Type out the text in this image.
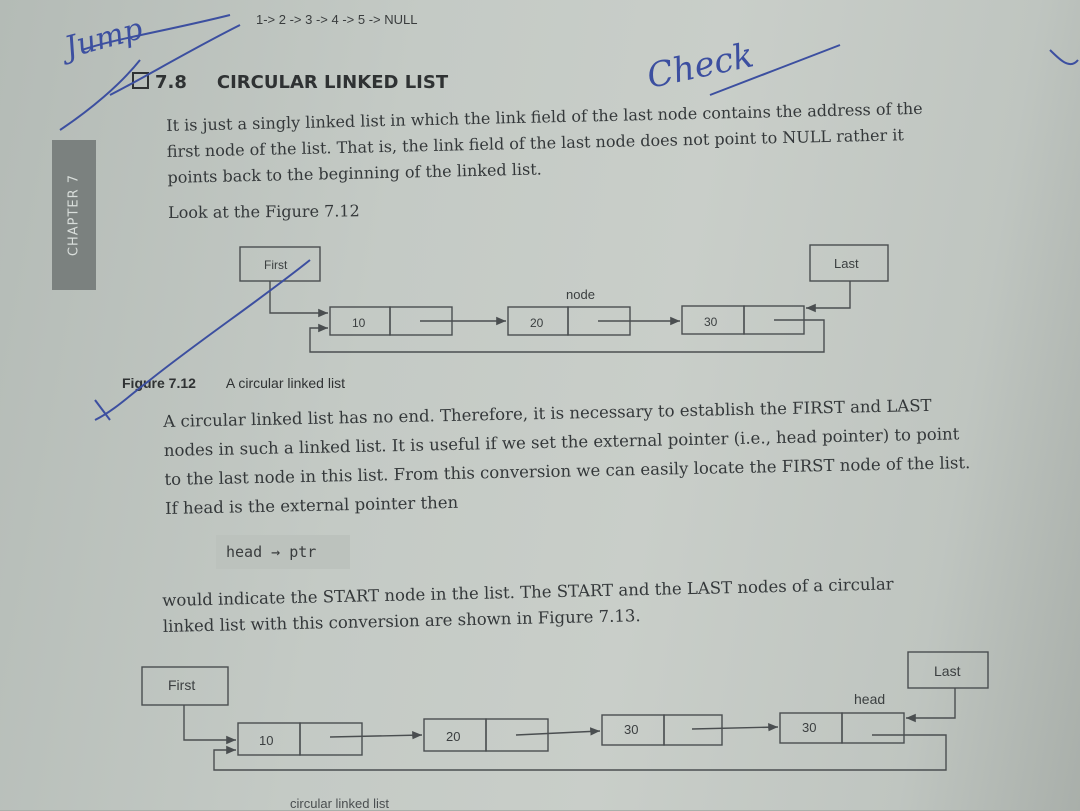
CHAPTER 7
1-> 2 -> 3 -> 4 -> 5 -> NULL
7.8 CIRCULAR LINKED LIST
It is just a singly linked list in which the link field of the last node contains the address of the
first node of the list. That is, the link field of the last node does not point to NULL rather it
points back to the beginning of the linked list.
Look at the Figure 7.12
Figure 7.12 A circular linked list
A circular linked list has no end. Therefore, it is necessary to establish the FIRST and LAST
nodes in such a linked list. It is useful if we set the external pointer (i.e., head pointer) to point
to the last node in this list. From this conversion we can easily locate the FIRST node of the list.
If head is the external pointer then
head → ptr
would indicate the START node in the list. The START and the LAST nodes of a circular
linked list with this conversion are shown in Figure 7.13.
circular linked list
First	Last
node
10	20	30
First
Last
head
10	20	30	30
Jump	Check
